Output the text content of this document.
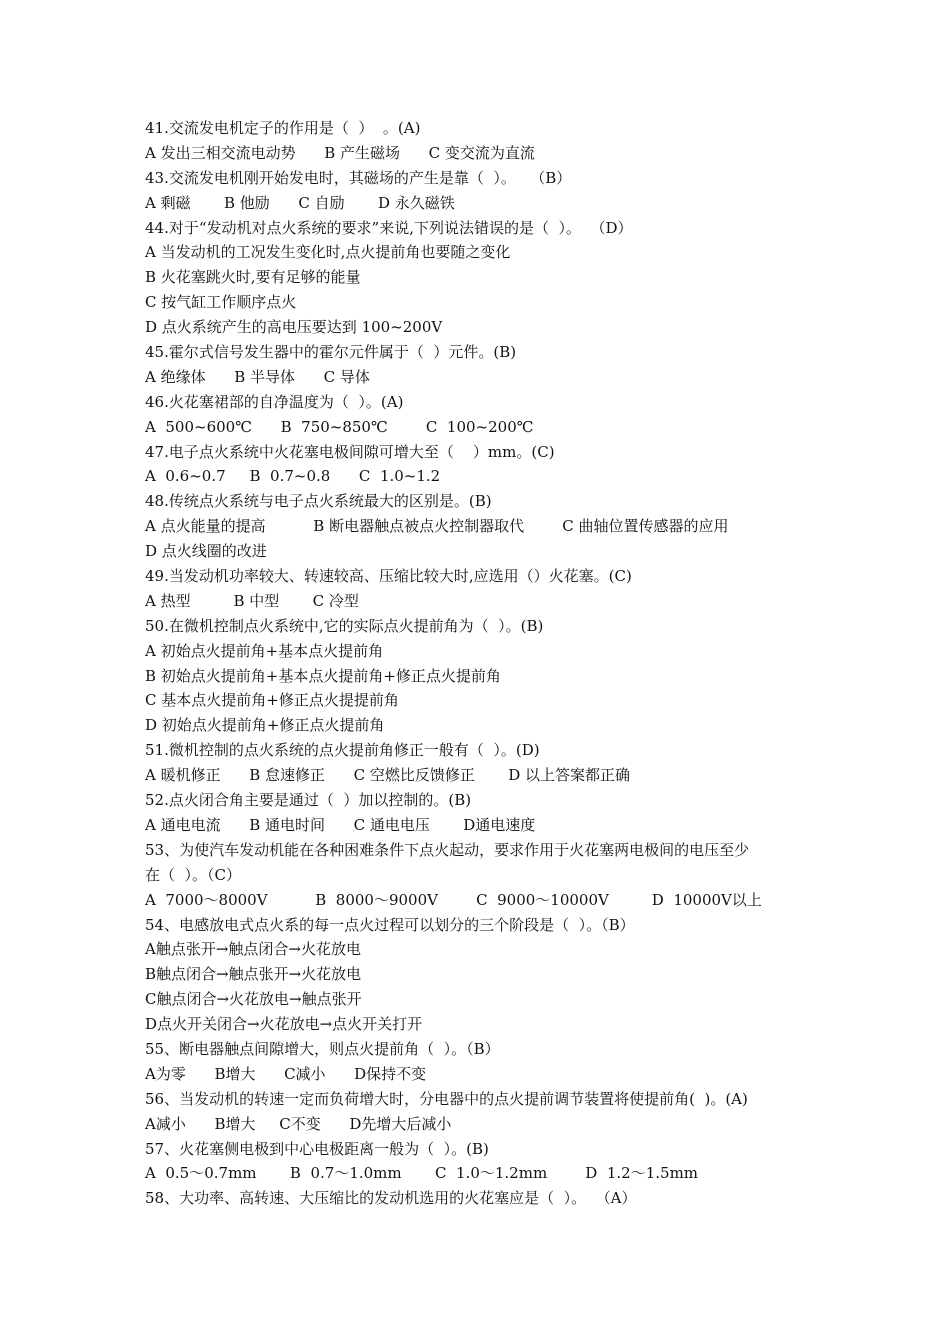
41.交流发电机定子的作用是（  ）  。(A)
A 发出三相交流电动势      B 产生磁场      C 变交流为直流
43.交流发电机刚开始发电时，其磁场的产生是靠（  ）。   （B）
A 剩磁       B 他励      C 自励       D 永久磁铁
44.对于“发动机对点火系统的要求”来说,下列说法错误的是（  ）。  （D）
A 当发动机的工况发生变化时,点火提前角也要随之变化
B 火花塞跳火时,要有足够的能量
C 按气缸工作顺序点火
D 点火系统产生的高电压要达到 100~200V
45.霍尔式信号发生器中的霍尔元件属于（  ）元件。(B)
A 绝缘体      B 半导体      C 导体
46.火花塞裙部的自净温度为（  ）。(A)
A  500~600℃      B  750~850℃        C  100~200℃
47.电子点火系统中火花塞电极间隙可增大至（    ）mm。(C)
A  0.6~0.7     B  0.7~0.8      C  1.0~1.2
48.传统点火系统与电子点火系统最大的区别是。(B)
A 点火能量的提高          B 断电器触点被点火控制器取代        C 曲轴位置传感器的应用
D 点火线圈的改进
49.当发动机功率较大、转速较高、压缩比较大时,应选用（）火花塞。(C)
A 热型         B 中型       C 冷型
50.在微机控制点火系统中,它的实际点火提前角为（  ）。(B)
A 初始点火提前角+基本点火提前角
B 初始点火提前角+基本点火提前角+修正点火提前角
C 基本点火提前角+修正点火提提前角
D 初始点火提前角+修正点火提前角
51.微机控制的点火系统的点火提前角修正一般有（  ）。(D)
A 暖机修正      B 怠速修正      C 空燃比反馈修正       D 以上答案都正确
52.点火闭合角主要是通过（  ）加以控制的。(B)
A 通电电流      B 通电时间      C 通电电压       D通电速度
53、为使汽车发动机能在各种困难条件下点火起动，要求作用于火花塞两电极间的电压至少
在（  ）。（C）
A  7000～8000V          B  8000～9000V        C  9000～10000V         D  10000V以上
54、电感放电式点火系的每一点火过程可以划分的三个阶段是（  ）。（B）
A触点张开→触点闭合→火花放电
B触点闭合→触点张开→火花放电
C触点闭合→火花放电→触点张开
D点火开关闭合→火花放电→点火开关打开
55、断电器触点间隙增大，则点火提前角（  ）。（B）
A为零      B增大      C减小      D保持不变
56、当发动机的转速一定而负荷增大时，分电器中的点火提前调节装置将使提前角(  )。(A)
A减小      B增大     C不变      D先增大后减小
57、火花塞侧电极到中心电极距离一般为（  ）。(B)
A  0.5～0.7mm       B  0.7～1.0mm       C  1.0～1.2mm        D  1.2～1.5mm
58、大功率、高转速、大压缩比的发动机选用的火花塞应是（  ）。  （A）
